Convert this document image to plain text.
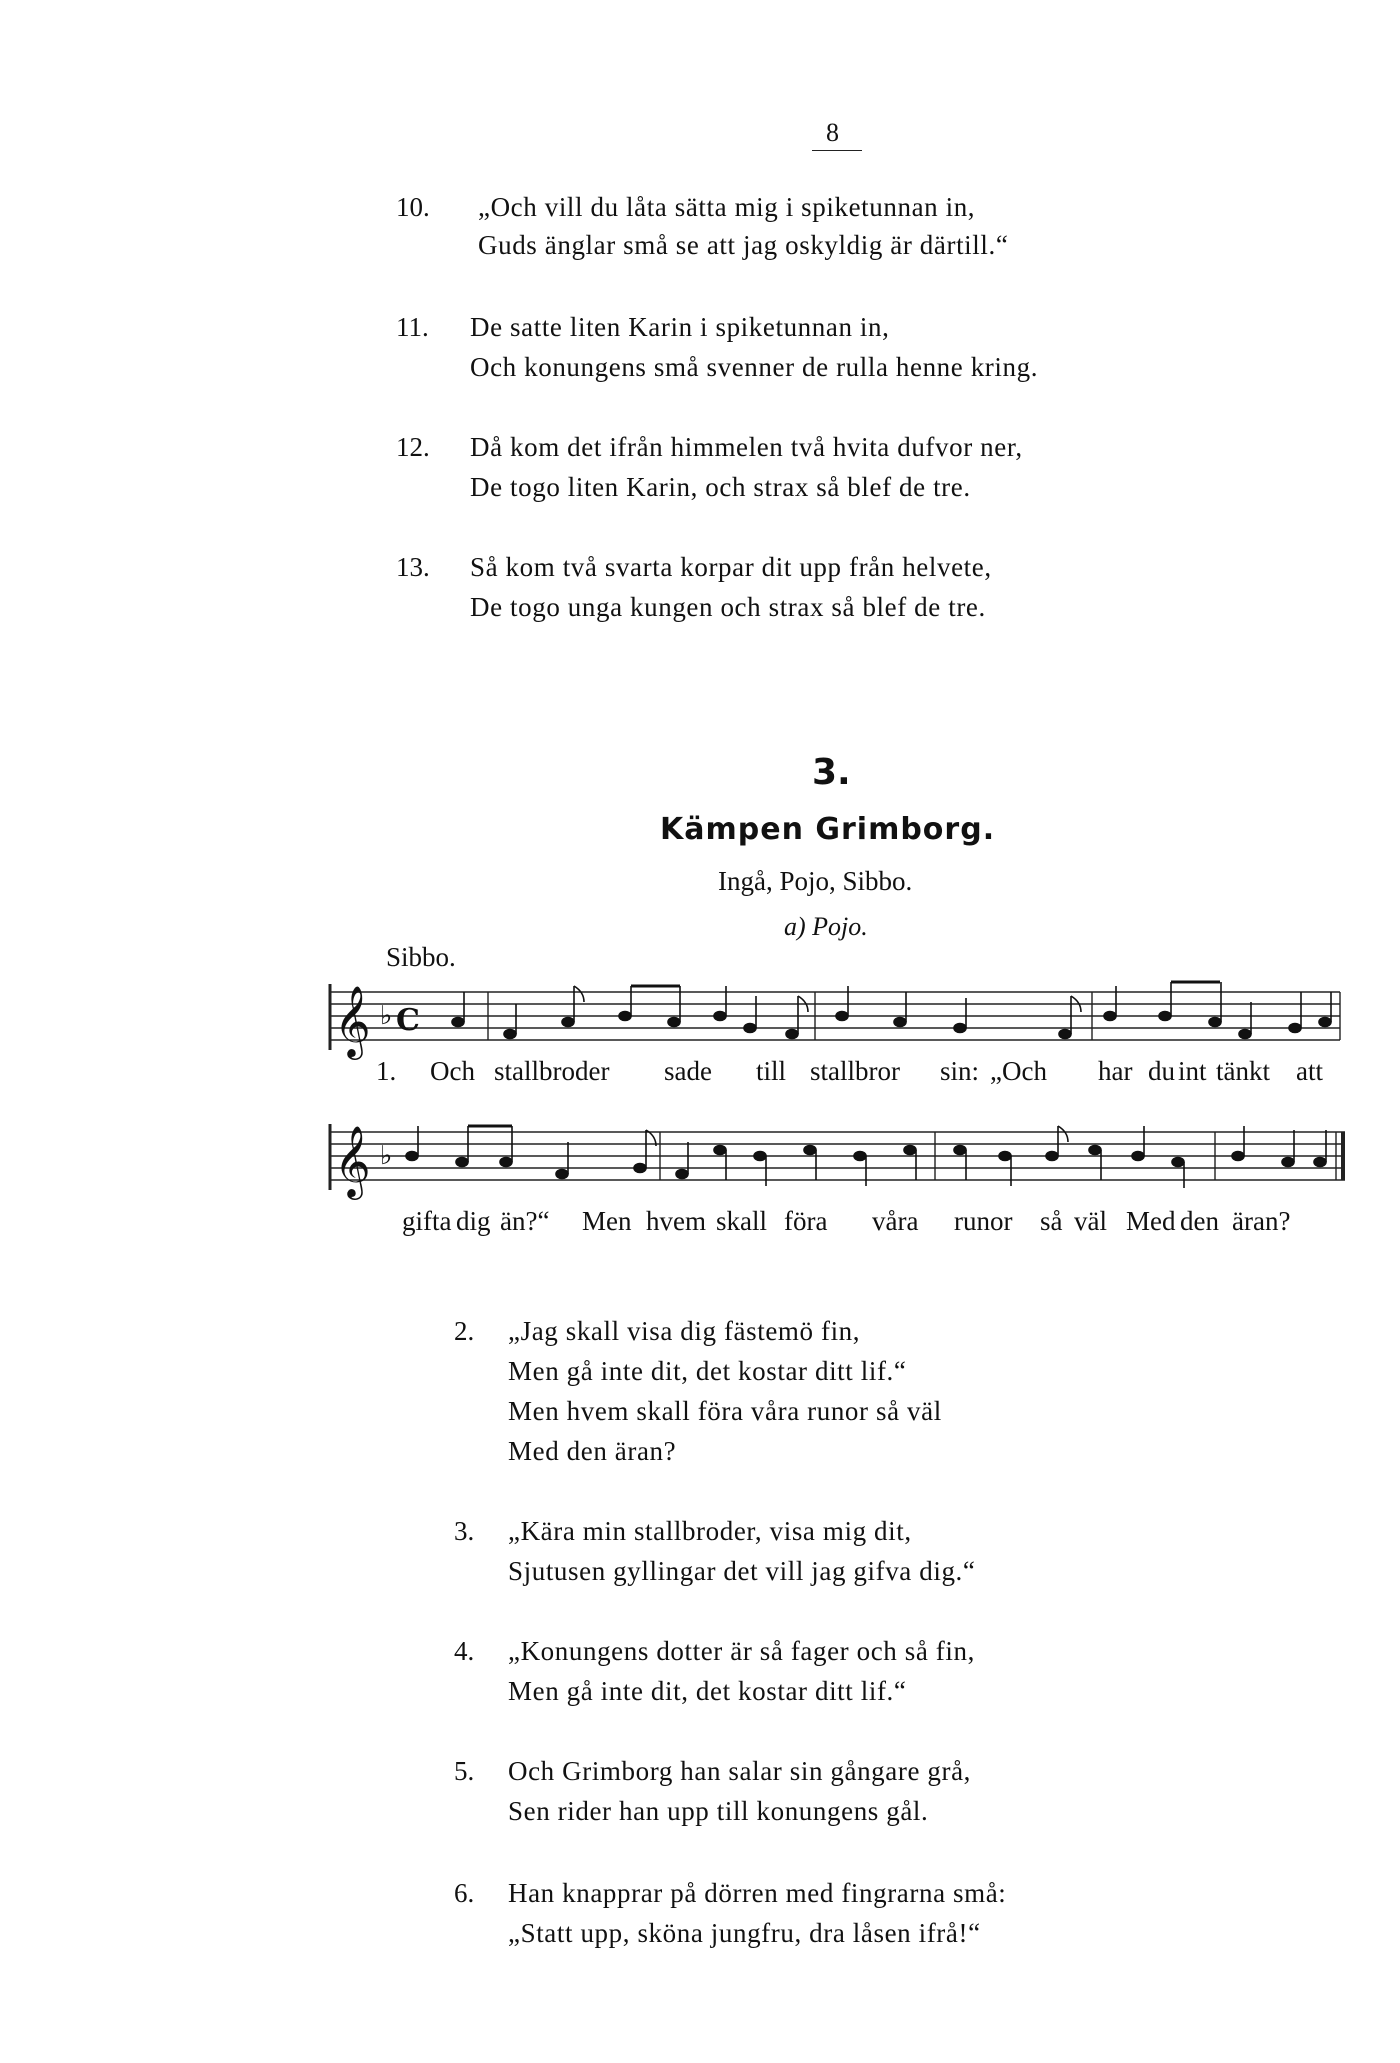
8
10. „Och vill du låta sätta mig i spiketunnan in,
Guds änglar små se att jag oskyldig är därtill.“
11. De satte liten Karin i spiketunnan in,
Och konungens små svenner de rulla henne kring.
12. Då kom det ifrån himmelen två hvita dufvor ner,
De togo liten Karin, och strax så blef de tre.
13. Så kom två svarta korpar dit upp från helvete,
De togo unga kungen och strax så blef de tre.
3.
Kämpen Grimborg.
Ingå, Pojo, Sibbo.
a) Pojo.
Sibbo.
𝄞 ♭ C
1. Och stallbroder sade till stallbror sin: „Och har du int tänkt att
𝄞 ♭
gifta dig än?“ Men hvem skall föra våra runor så väl Med den äran?
2. „Jag skall visa dig fästemö fin,
Men gå inte dit, det kostar ditt lif.“
Men hvem skall föra våra runor så väl
Med den äran?
3. „Kära min stallbroder, visa mig dit,
Sjutusen gyllingar det vill jag gifva dig.“
4. „Konungens dotter är så fager och så fin,
Men gå inte dit, det kostar ditt lif.“
5. Och Grimborg han salar sin gångare grå,
Sen rider han upp till konungens gål.
6. Han knapprar på dörren med fingrarna små:
„Statt upp, sköna jungfru, dra låsen ifrå!“
